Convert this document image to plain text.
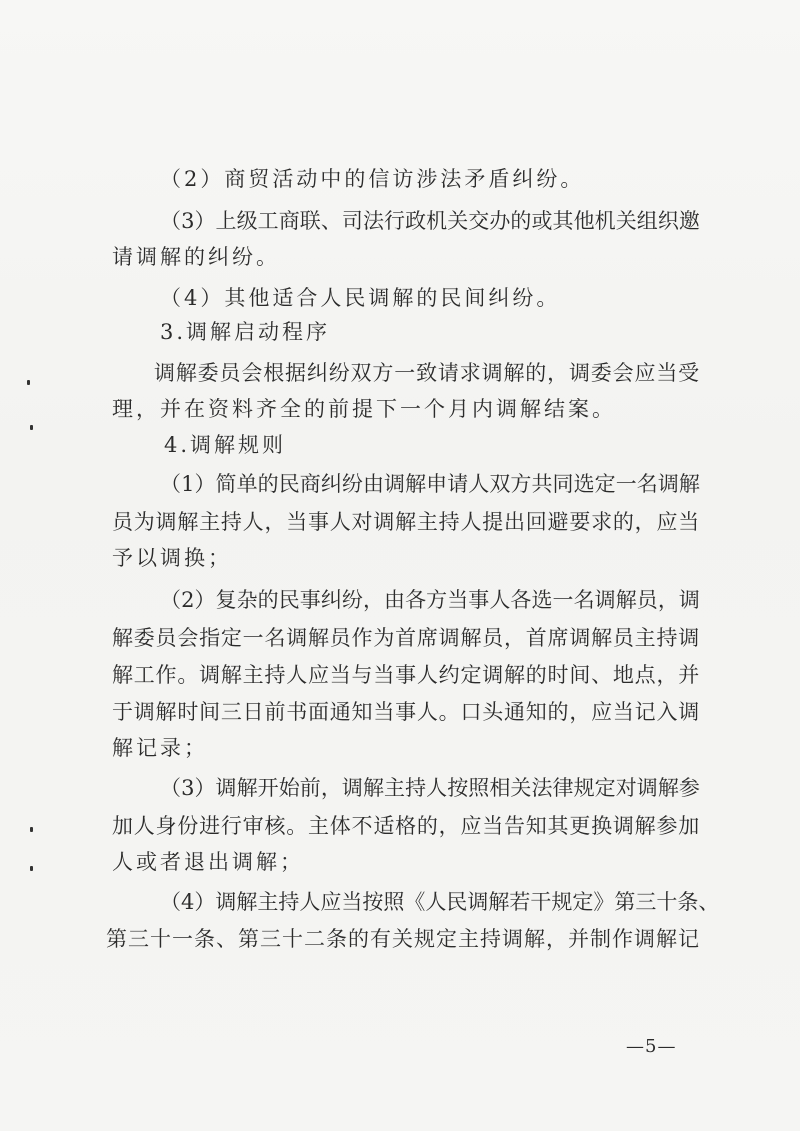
（2）商贸活动中的信访涉法矛盾纠纷。
（3）上级工商联、司法行政机关交办的或其他机关组织邀
请调解的纠纷。
（4）其他适合人民调解的民间纠纷。
3.调解启动程序
调解委员会根据纠纷双方一致请求调解的，调委会应当受
理，并在资料齐全的前提下一个月内调解结案。
4.调解规则
（1）简单的民商纠纷由调解申请人双方共同选定一名调解
员为调解主持人，当事人对调解主持人提出回避要求的，应当
予以调换；
（2）复杂的民事纠纷，由各方当事人各选一名调解员，调
解委员会指定一名调解员作为首席调解员，首席调解员主持调
解工作。调解主持人应当与当事人约定调解的时间、地点，并
于调解时间三日前书面通知当事人。口头通知的，应当记入调
解记录；
（3）调解开始前，调解主持人按照相关法律规定对调解参
加人身份进行审核。主体不适格的，应当告知其更换调解参加
人或者退出调解；
（4）调解主持人应当按照《人民调解若干规定》第三十条、
第三十一条、第三十二条的有关规定主持调解，并制作调解记
—5—
